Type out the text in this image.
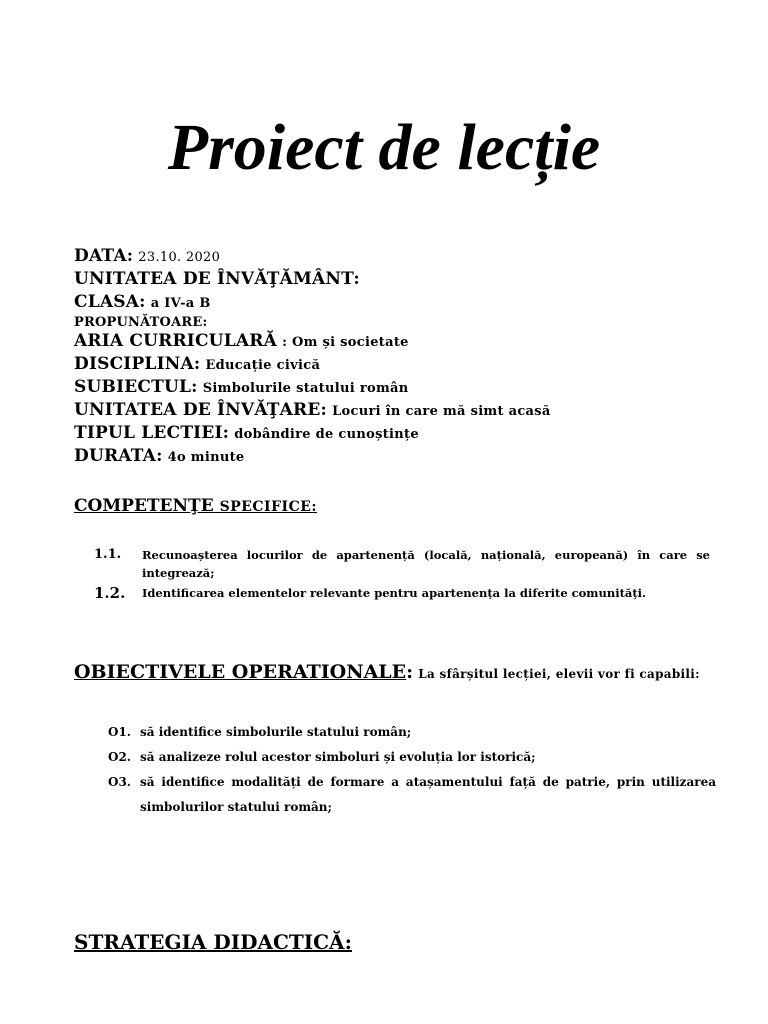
Proiect de lecție
DATA: 23.10. 2020
UNITATEA DE ÎNVĂŢĂMÂNT:
CLASA: a IV-a B
PROPUNĂTOARE:
ARIA CURRICULARĂ : Om și societate
DISCIPLINA: Educație civică
SUBIECTUL: Simbolurile statului român
UNITATEA DE ÎNVĂŢARE: Locuri în care mă simt acasă
TIPUL LECTIEI: dobândire de cunoștințe
DURATA: 4o minute
COMPETENŢE SPECIFICE:
1.1. Recunoașterea locurilor de apartenență (locală, națională, europeană) în care se integrează;
1.2. Identificarea elementelor relevante pentru apartenența la diferite comunități.

OBIECTIVELE OPERATIONALE: La sfârșitul lecției, elevii vor fi capabili:

O1. să identifice simbolurile statului român;
O2. să analizeze rolul acestor simboluri și evoluția lor istorică;
O3. să identifice modalități de formare a atașamentului față de patrie, prin utilizarea simbolurilor statului român;
STRATEGIA DIDACTICĂ:
